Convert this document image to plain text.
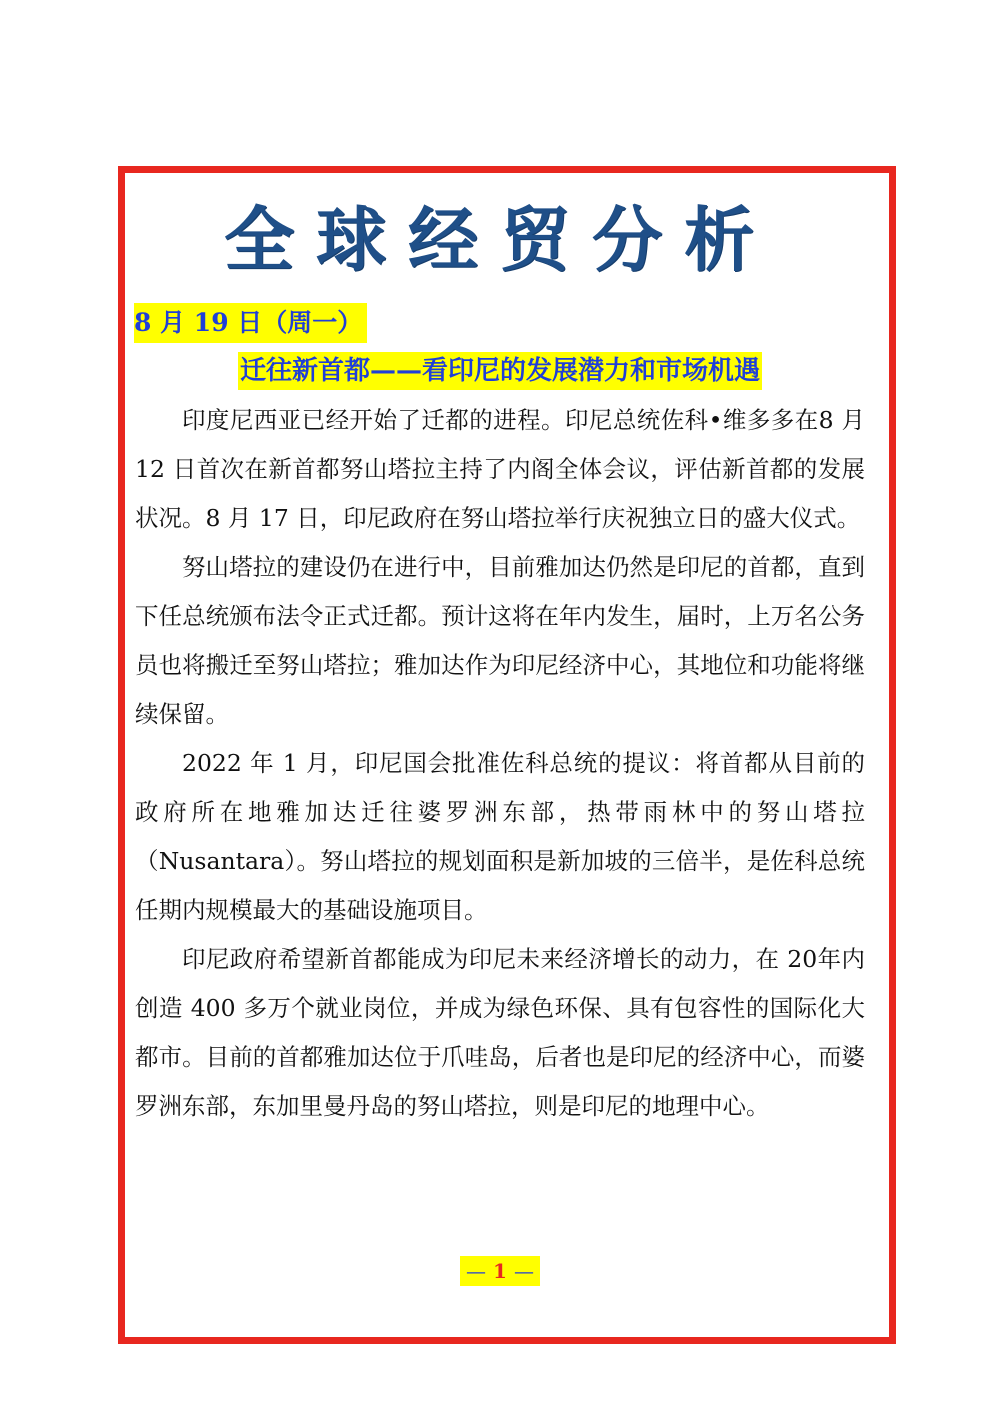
全球经贸分析
8 月 19 日（周一）
迁往新首都——看印尼的发展潜力和市场机遇

印度尼西亚已经开始了迁都的进程。印尼总统佐科•维多多在8 月 12 日首次在新首都努山塔拉主持了内阁全体会议，评估新首都的发展状况。8 月 17 日，印尼政府在努山塔拉举行庆祝独立日的盛大仪式。

努山塔拉的建设仍在进行中，目前雅加达仍然是印尼的首都，直到下任总统颁布法令正式迁都。预计这将在年内发生，届时，上万名公务员也将搬迁至努山塔拉；雅加达作为印尼经济中心，其地位和功能将继续保留。

2022 年 1 月，印尼国会批准佐科总统的提议：将首都从目前的政府所在地雅加达迁往婆罗洲东部，热带雨林中的努山塔拉（Nusantara）。努山塔拉的规划面积是新加坡的三倍半，是佐科总统任期内规模最大的基础设施项目。

印尼政府希望新首都能成为印尼未来经济增长的动力，在 20年内创造 400 多万个就业岗位，并成为绿色环保、具有包容性的国际化大都市。目前的首都雅加达位于爪哇岛，后者也是印尼的经济中心，而婆罗洲东部，东加里曼丹岛的努山塔拉，则是印尼的地理中心。

— 1 —
